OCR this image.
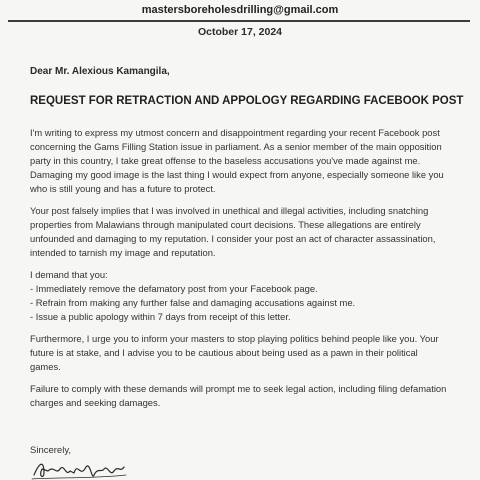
mastersboreholesdrilling@gmail.com
October 17, 2024
Dear Mr. Alexious Kamangila,
REQUEST FOR RETRACTION AND APPOLOGY REGARDING FACEBOOK POST

I'm writing to express my utmost concern and disappointment regarding your recent Facebook post concerning the Gams Filling Station issue in parliament. As a senior member of the main opposition party in this country, I take great offense to the baseless accusations you've made against me. Damaging my good image is the last thing I would expect from anyone, especially someone like you who is still young and has a future to protect.

Your post falsely implies that I was involved in unethical and illegal activities, including snatching properties from Malawians through manipulated court decisions. These allegations are entirely unfounded and damaging to my reputation. I consider your post an act of character assassination, intended to tarnish my image and reputation.

I demand that you:
- Immediately remove the defamatory post from your Facebook page.
- Refrain from making any further false and damaging accusations against me.
- Issue a public apology within 7 days from receipt of this letter.

Furthermore, I urge you to inform your masters to stop playing politics behind people like you. Your future is at stake, and I advise you to be cautious about being used as a pawn in their political games.

Failure to comply with these demands will prompt me to seek legal action, including filing defamation charges and seeking damages.

Sincerely,
